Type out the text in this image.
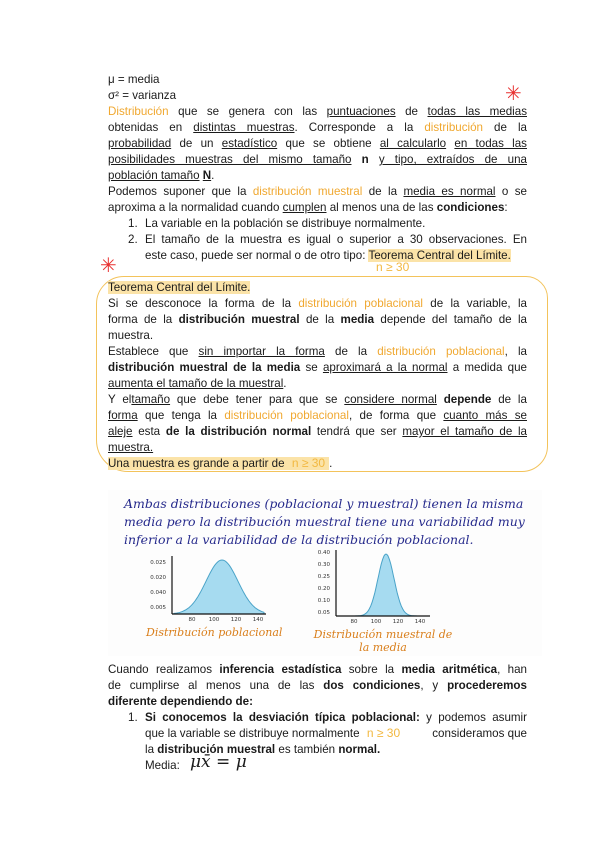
μ = media
σ² = varianza	✳
Distribución que se genera con las puntuaciones de todas las medias
obtenidas en distintas muestras. Corresponde a la distribución de la
probabilidad de un estadístico que se obtiene al calcularlo en todas las
posibilidades muestras del mismo tamaño n y tipo, extraídos de una
población tamaño N.
Podemos suponer que la distribución muestral de la media es normal o se
aproxima a la normalidad cuando cumplen al menos una de las condiciones:
1. La variable en la población se distribuye normalmente.
2. El tamaño de la muestra es igual o superior a 30 observaciones. En
este caso, puede ser normal o de otro tipo: Teorema Central del Límite.
n ≥ 30
✳
Teorema Central del Límite.
Si se desconoce la forma de la distribución poblacional de la variable, la
forma de la distribución muestral de la media depende del tamaño de la
muestra.
Establece que sin importar la forma de la distribución poblacional, la
distribución muestral de la media se aproximará a la normal a medida que
aumenta el tamaño de la muestral.
Y eltamaño que debe tener para que se considere normal depende de la
forma que tenga la distribución poblacional, de forma que cuanto más se
aleje esta de la distribución normal tendrá que ser mayor el tamaño de la
muestra.
Una muestra es grande a partir de n ≥ 30 .
Ambas distribuciones (poblacional y muestral) tienen la misma
media pero la distribución muestral tiene una variabilidad muy
inferior a la variabilidad de la distribución poblacional.
0.025
0.020
0.040
0.005
80 100 120 140
Distribución poblacional
0.40
0.30
0.25
0.20
0.10
0.05
80 100 120 140
Distribución muestral de la media
Cuando realizamos inferencia estadística sobre la media aritmética, han
de cumplirse al menos una de las dos condiciones, y procederemos
diferente dependiendo de:
1. Si conocemos la desviación típica poblacional: y podemos asumir
que la variable se distribuye normalmente n ≥ 30	consideramos que
la distribución muestral es también normal.
Media: μx̄ = μ
